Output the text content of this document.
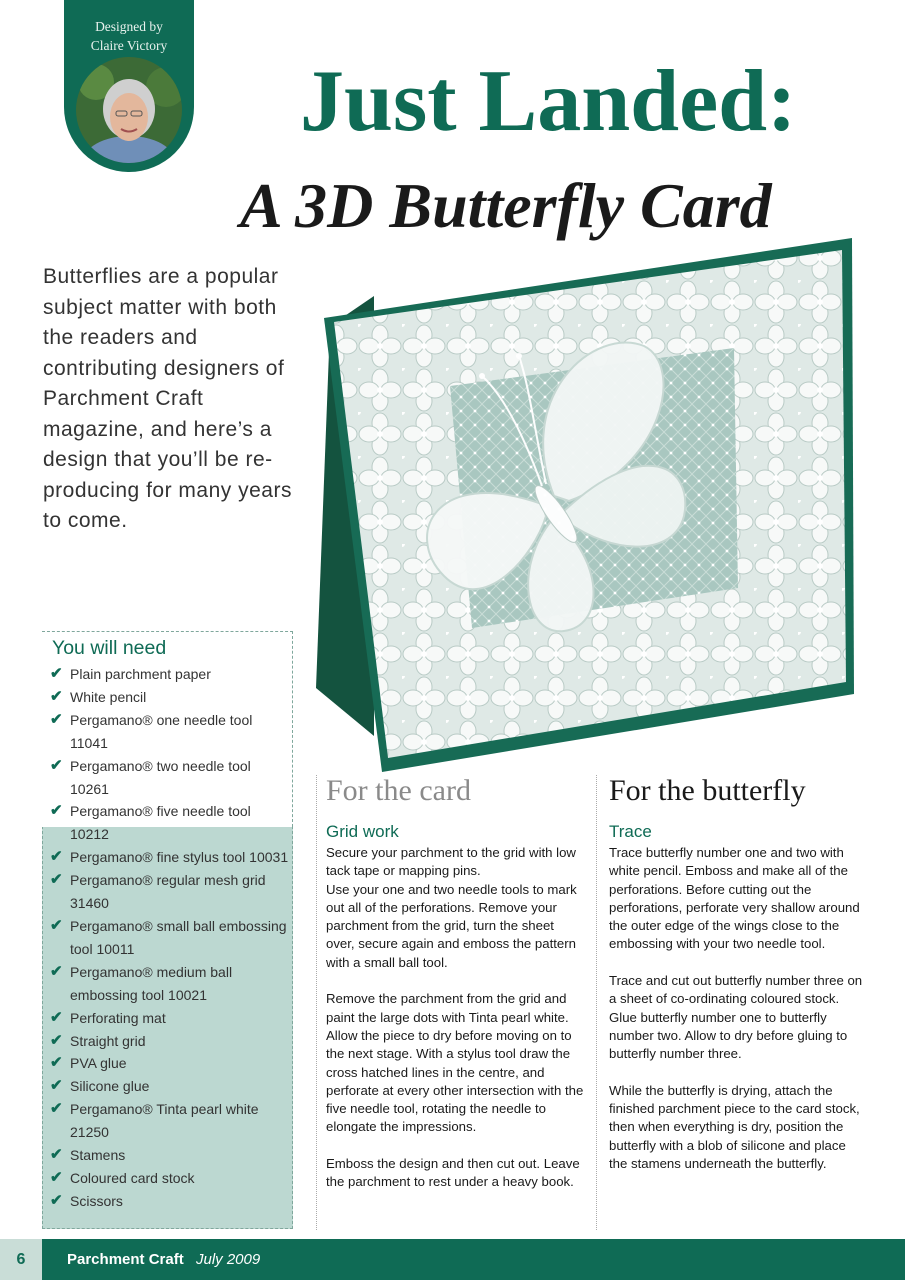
Designed by
Claire Victory
Just Landed:
A 3D Butterfly Card

Butterflies are a popular subject matter with both the readers and contributing designers of Parchment Craft magazine, and here’s a design that you’ll be re-producing for many years to come.

You will need
✔ Plain parchment paper
✔ White pencil
✔ Pergamano® one needle tool 11041
✔ Pergamano® two needle tool 10261
✔ Pergamano® five needle tool 10212
✔ Pergamano® fine stylus tool 10031
✔ Pergamano® regular mesh grid 31460
✔ Pergamano® small ball embossing tool 10011
✔ Pergamano® medium ball embossing tool 10021
✔ Perforating mat
✔ Straight grid
✔ PVA glue
✔ Silicone glue
✔ Pergamano® Tinta pearl white 21250
✔ Stamens
✔ Coloured card stock
✔ Scissors
For the card
Grid work

Secure your parchment to the grid with low tack tape or mapping pins.

Use your one and two needle tools to mark out all of the perforations. Remove your parchment from the grid, turn the sheet over, secure again and emboss the pattern with a small ball tool.

Remove the parchment from the grid and paint the large dots with Tinta pearl white. Allow the piece to dry before moving on to the next stage. With a stylus tool draw the cross hatched lines in the centre, and perforate at every other intersection with the five needle tool, rotating the needle to elongate the impressions.

Emboss the design and then cut out. Leave the parchment to rest under a heavy book.

For the butterfly
Trace

Trace butterfly number one and two with white pencil. Emboss and make all of the perforations. Before cutting out the perforations, perforate very shallow around the outer edge of the wings close to the embossing with your two needle tool.

Trace and cut out butterfly number three on a sheet of co-ordinating coloured stock. Glue butterfly number one to butterfly number two. Allow to dry before gluing to butterfly number three.

While the butterfly is drying, attach the finished parchment piece to the card stock, then when everything is dry, position the butterfly with a blob of silicone and place the stamens underneath the butterfly.

6	Parchment Craft July 2009
